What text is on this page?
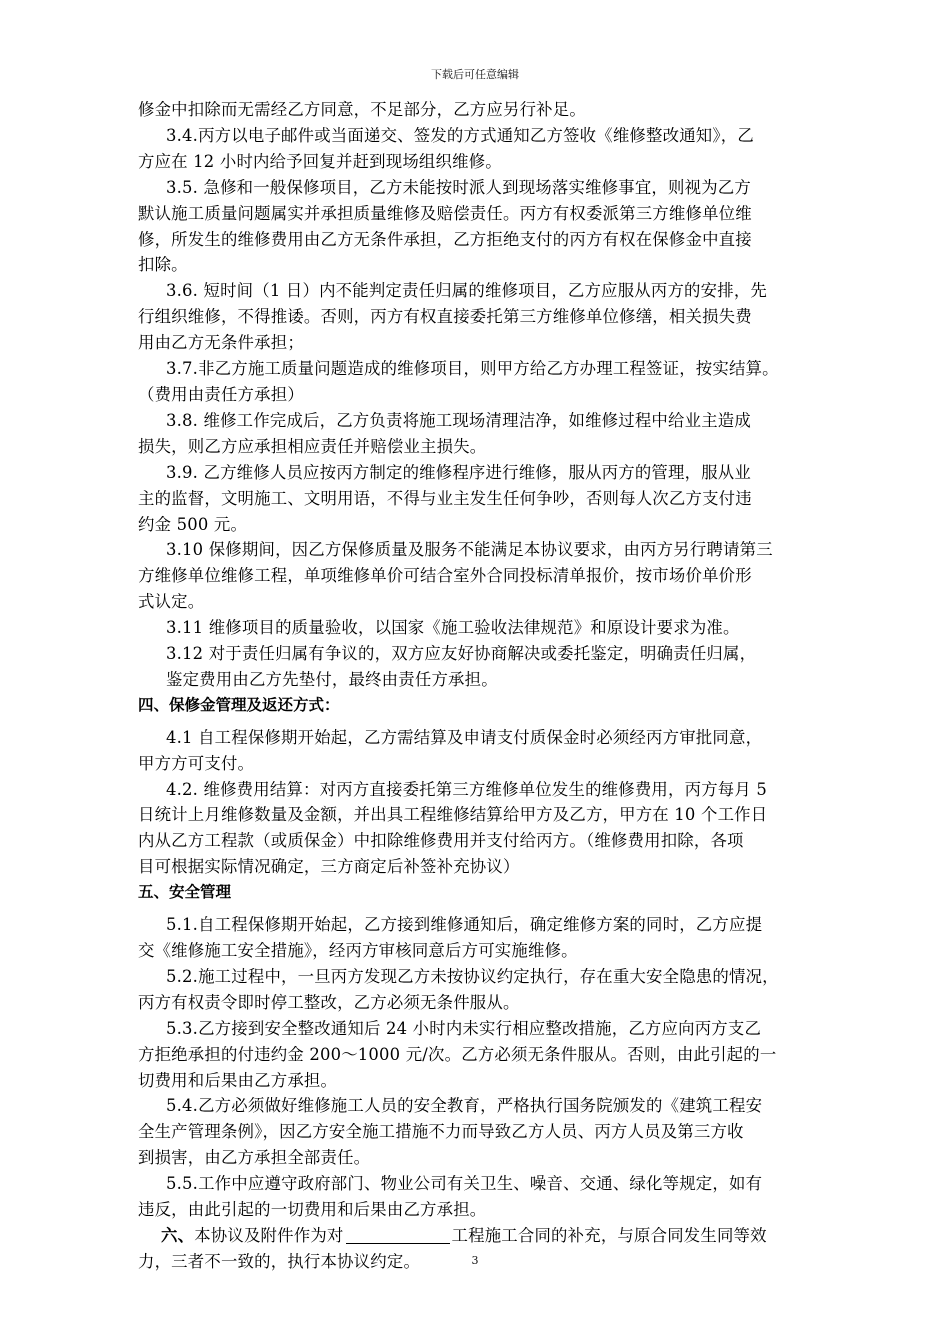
下载后可任意编辑
修金中扣除而无需经乙方同意，不足部分，乙方应另行补足。
3.4.丙方以电子邮件或当面递交、签发的方式通知乙方签收《维修整改通知》，乙
方应在 12 小时内给予回复并赶到现场组织维修。
3.5. 急修和一般保修项目，乙方未能按时派人到现场落实维修事宜，则视为乙方
默认施工质量问题属实并承担质量维修及赔偿责任。丙方有权委派第三方维修单位维
修，所发生的维修费用由乙方无条件承担，乙方拒绝支付的丙方有权在保修金中直接
扣除。
3.6. 短时间（1 日）内不能判定责任归属的维修项目，乙方应服从丙方的安排，先
行组织维修，不得推诿。否则，丙方有权直接委托第三方维修单位修缮，相关损失费
用由乙方无条件承担；
3.7.非乙方施工质量问题造成的维修项目，则甲方给乙方办理工程签证，按实结算。
（费用由责任方承担）
3.8. 维修工作完成后，乙方负责将施工现场清理洁净，如维修过程中给业主造成
损失，则乙方应承担相应责任并赔偿业主损失。
3.9. 乙方维修人员应按丙方制定的维修程序进行维修，服从丙方的管理，服从业
主的监督，文明施工、文明用语，不得与业主发生任何争吵，否则每人次乙方支付违
约金 500 元。
3.10 保修期间，因乙方保修质量及服务不能满足本协议要求，由丙方另行聘请第三
方维修单位维修工程，单项维修单价可结合室外合同投标清单报价，按市场价单价形
式认定。
3.11 维修项目的质量验收，以国家《施工验收法律规范》和原设计要求为准。
3.12 对于责任归属有争议的，双方应友好协商解决或委托鉴定，明确责任归属，
鉴定费用由乙方先垫付，最终由责任方承担。
四、保修金管理及返还方式：
4.1 自工程保修期开始起，乙方需结算及申请支付质保金时必须经丙方审批同意，
甲方方可支付。
4.2. 维修费用结算：对丙方直接委托第三方维修单位发生的维修费用，丙方每月 5
日统计上月维修数量及金额，并出具工程维修结算给甲方及乙方，甲方在 10 个工作日
内从乙方工程款（或质保金）中扣除维修费用并支付给丙方。（维修费用扣除，各项
目可根据实际情况确定，三方商定后补签补充协议）
五、安全管理
5.1.自工程保修期开始起，乙方接到维修通知后，确定维修方案的同时，乙方应提
交《维修施工安全措施》，经丙方审核同意后方可实施维修。
5.2.施工过程中，一旦丙方发现乙方未按协议约定执行，存在重大安全隐患的情况，
丙方有权责令即时停工整改，乙方必须无条件服从。
5.3.乙方接到安全整改通知后 24 小时内未实行相应整改措施，乙方应向丙方支乙
方拒绝承担的付违约金 200～1000 元/次。乙方必须无条件服从。否则，由此引起的一
切费用和后果由乙方承担。
5.4.乙方必须做好维修施工人员的安全教育，严格执行国务院颁发的《建筑工程安
全生产管理条例》，因乙方安全施工措施不力而导致乙方人员、丙方人员及第三方收
到损害，由乙方承担全部责任。
5.5.工作中应遵守政府部门、物业公司有关卫生、噪音、交通、绿化等规定，如有
违反，由此引起的一切费用和后果由乙方承担。
六、本协议及附件作为对	工程施工合同的补充，与原合同发生同等效
力，三者不一致的，执行本协议约定。	3
